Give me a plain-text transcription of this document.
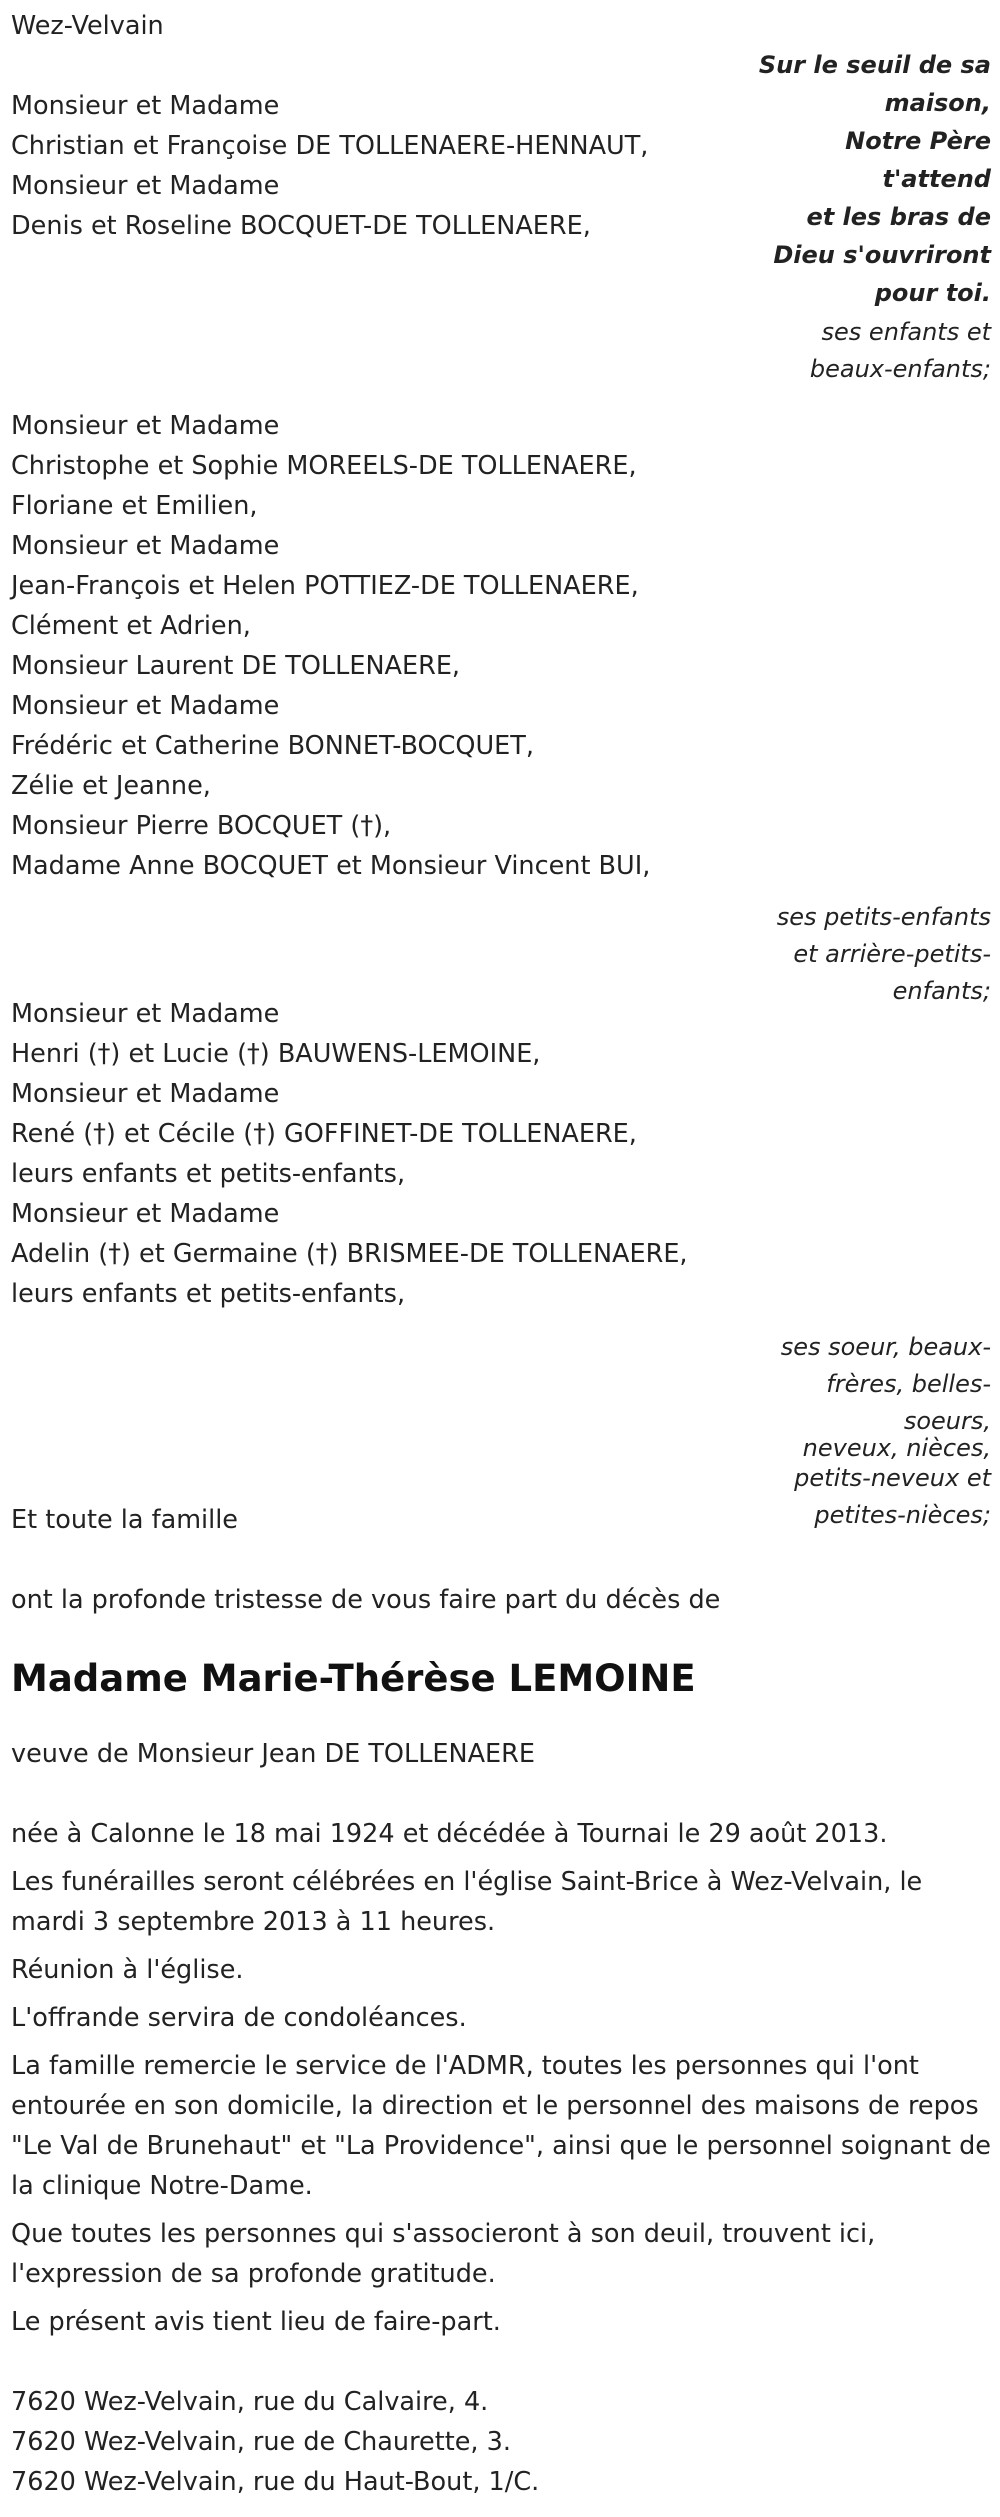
Wez-Velvain
Sur le seuil de sa maison,
Notre Père t'attend
et les bras de Dieu s'ouvriront pour toi.
ses enfants et beaux-enfants;
Monsieur et Madame
Christian et Françoise DE TOLLENAERE-HENNAUT,
Monsieur et Madame
Denis et Roseline BOCQUET-DE TOLLENAERE,
Monsieur et Madame
Christophe et Sophie MOREELS-DE TOLLENAERE,
Floriane et Emilien,
Monsieur et Madame
Jean-François et Helen POTTIEZ-DE TOLLENAERE,
Clément et Adrien,
Monsieur Laurent DE TOLLENAERE,
Monsieur et Madame
Frédéric et Catherine BONNET-BOCQUET,
Zélie et Jeanne,
Monsieur Pierre BOCQUET (†),
Madame Anne BOCQUET et Monsieur Vincent BUI,
ses petits-enfants et arrière-petits-enfants;
Monsieur et Madame
Henri (†) et Lucie (†) BAUWENS-LEMOINE,
Monsieur et Madame
René (†) et Cécile (†) GOFFINET-DE TOLLENAERE,
leurs enfants et petits-enfants,
Monsieur et Madame
Adelin (†) et Germaine (†) BRISMEE-DE TOLLENAERE,
leurs enfants et petits-enfants,
ses soeur, beaux-frères, belles-soeurs,
neveux, nièces,
petits-neveux et petites-nièces;
Et toute la famille
ont la profonde tristesse de vous faire part du décès de
Madame Marie-Thérèse LEMOINE
veuve de Monsieur Jean DE TOLLENAERE
née à Calonne le 18 mai 1924 et décédée à Tournai le 29 août 2013.
Les funérailles seront célébrées en l'église Saint-Brice à Wez-Velvain, le mardi 3 septembre 2013 à 11 heures.
Réunion à l'église.
L'offrande servira de condoléances.
La famille remercie le service de l'ADMR, toutes les personnes qui l'ont entourée en son domicile, la direction et le personnel des maisons de repos "Le Val de Brunehaut" et "La Providence", ainsi que le personnel soignant de la clinique Notre-Dame.
Que toutes les personnes qui s'associeront à son deuil, trouvent ici, l'expression de sa profonde gratitude.
Le présent avis tient lieu de faire-part.
7620 Wez-Velvain, rue du Calvaire, 4.
7620 Wez-Velvain, rue de Chaurette, 3.
7620 Wez-Velvain, rue du Haut-Bout, 1/C.
